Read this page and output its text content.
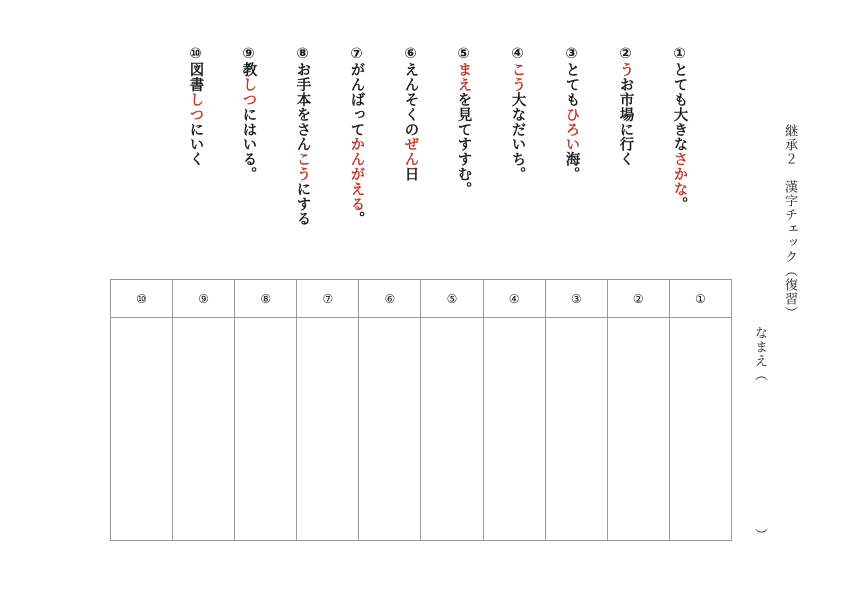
継承２　漢字チェック（復習）
なまえ（
）
①とても大きなさかな。
②うお市場に行く
③とてもひろい海。
④こう大なだいち。
⑤まえを見てすすむ。
⑥えんそくのぜん日
⑦がんばってかんがえる。
⑧お手本をさんこうにする
⑨教しつにはいる。
⑩図書しつにいく
⑩	⑨	⑧	⑦	⑥	⑤	④	③	②	①
